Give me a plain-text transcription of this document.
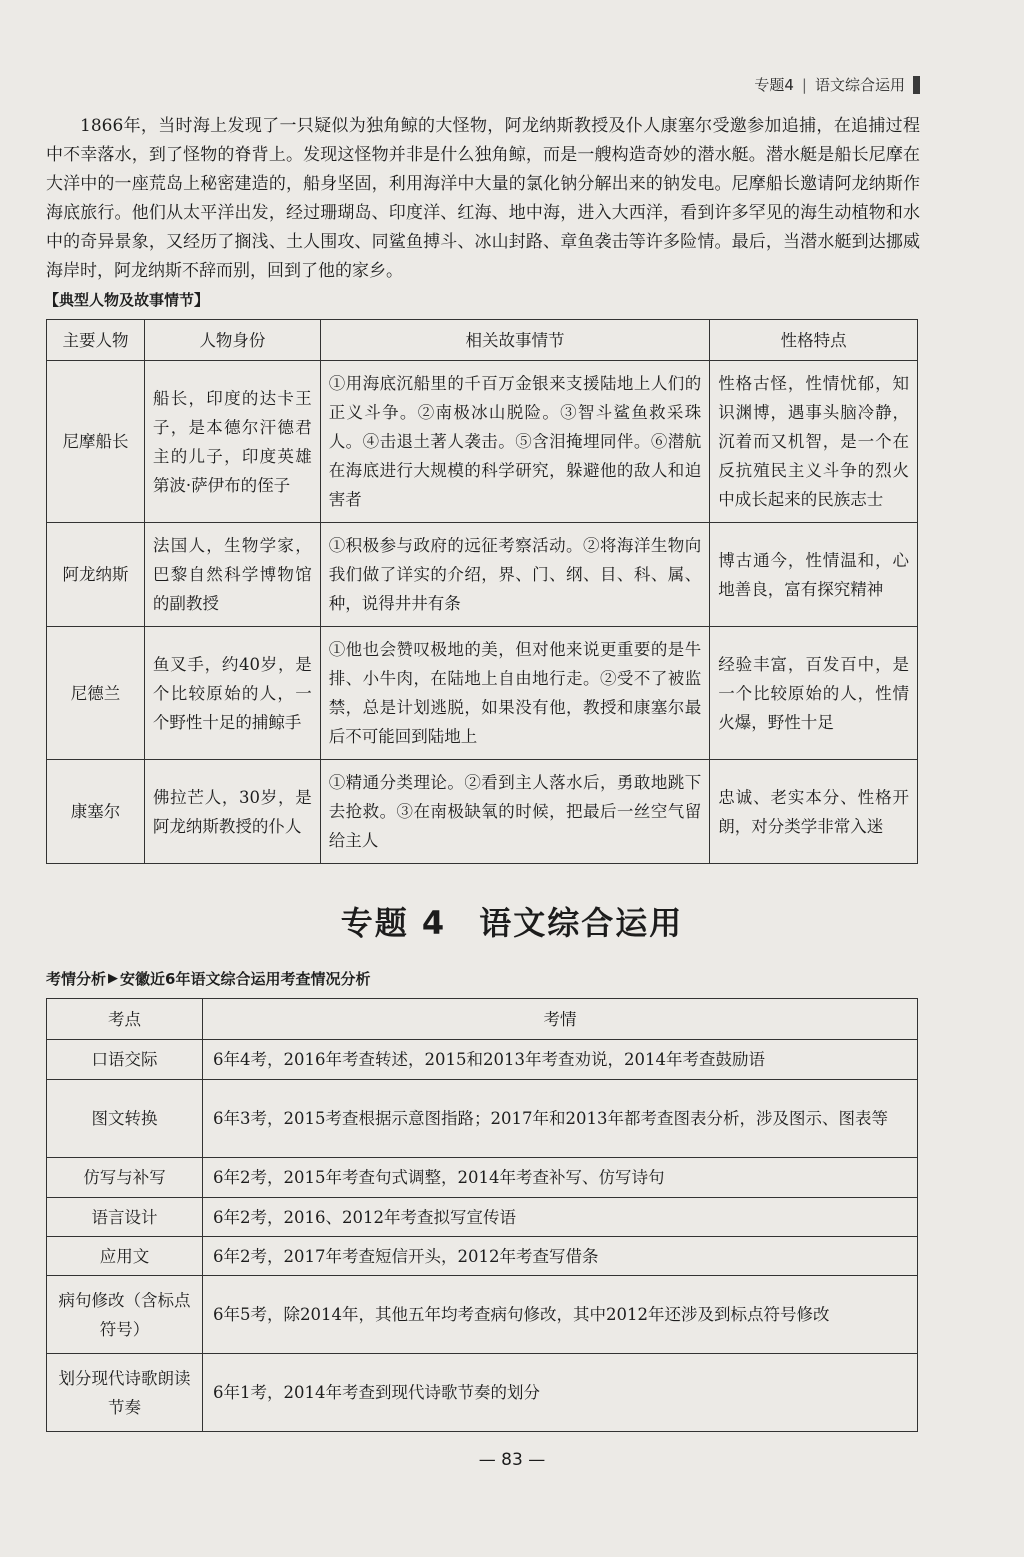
专题4 | 语文综合运用

1866年，当时海上发现了一只疑似为独角鲸的大怪物，阿龙纳斯教授及仆人康塞尔受邀参加追捕，在追捕过程中不幸落水，到了怪物的脊背上。发现这怪物并非是什么独角鲸，而是一艘构造奇妙的潜水艇。潜水艇是船长尼摩在大洋中的一座荒岛上秘密建造的，船身坚固，利用海洋中大量的氯化钠分解出来的钠发电。尼摩船长邀请阿龙纳斯作海底旅行。他们从太平洋出发，经过珊瑚岛、印度洋、红海、地中海，进入大西洋，看到许多罕见的海生动植物和水中的奇异景象，又经历了搁浅、土人围攻、同鲨鱼搏斗、冰山封路、章鱼袭击等许多险情。最后，当潜水艇到达挪威海岸时，阿龙纳斯不辞而别，回到了他的家乡。

【典型人物及故事情节】
主要人物	人物身份	相关故事情节	性格特点
尼摩船长	船长，印度的达卡王子，是本德尔汗德君主的儿子，印度英雄第波·萨伊布的侄子	①用海底沉船里的千百万金银来支援陆地上人们的正义斗争。②南极冰山脱险。③智斗鲨鱼救采珠人。④击退土著人袭击。⑤含泪掩埋同伴。⑥潜航在海底进行大规模的科学研究，躲避他的敌人和迫害者	性格古怪，性情忧郁，知识渊博，遇事头脑冷静，沉着而又机智，是一个在反抗殖民主义斗争的烈火中成长起来的民族志士
阿龙纳斯	法国人，生物学家，巴黎自然科学博物馆的副教授	①积极参与政府的远征考察活动。②将海洋生物向我们做了详实的介绍，界、门、纲、目、科、属、种，说得井井有条	博古通今，性情温和，心地善良，富有探究精神
尼德兰	鱼叉手，约40岁，是个比较原始的人，一个野性十足的捕鲸手	①他也会赞叹极地的美，但对他来说更重要的是牛排、小牛肉，在陆地上自由地行走。②受不了被监禁，总是计划逃脱，如果没有他，教授和康塞尔最后不可能回到陆地上	经验丰富，百发百中，是一个比较原始的人，性情火爆，野性十足
康塞尔	佛拉芒人，30岁，是阿龙纳斯教授的仆人	①精通分类理论。②看到主人落水后，勇敢地跳下去抢救。③在南极缺氧的时候，把最后一丝空气留给主人	忠诚、老实本分、性格开朗，对分类学非常入迷
专题 4 语文综合运用
考情分析 ▶ 安徽近6年语文综合运用考查情况分析
考点	考情
口语交际	6年4考，2016年考查转述，2015和2013年考查劝说，2014年考查鼓励语
图文转换	6年3考，2015考查根据示意图指路；2017年和2013年都考查图表分析，涉及图示、图表等
仿写与补写	6年2考，2015年考查句式调整，2014年考查补写、仿写诗句
语言设计	6年2考，2016、2012年考查拟写宣传语
应用文	6年2考，2017年考查短信开头，2012年考查写借条
病句修改（含标点符号）	6年5考，除2014年，其他五年均考查病句修改，其中2012年还涉及到标点符号修改
划分现代诗歌朗读节奏	6年1考，2014年考查到现代诗歌节奏的划分
— 83 —
